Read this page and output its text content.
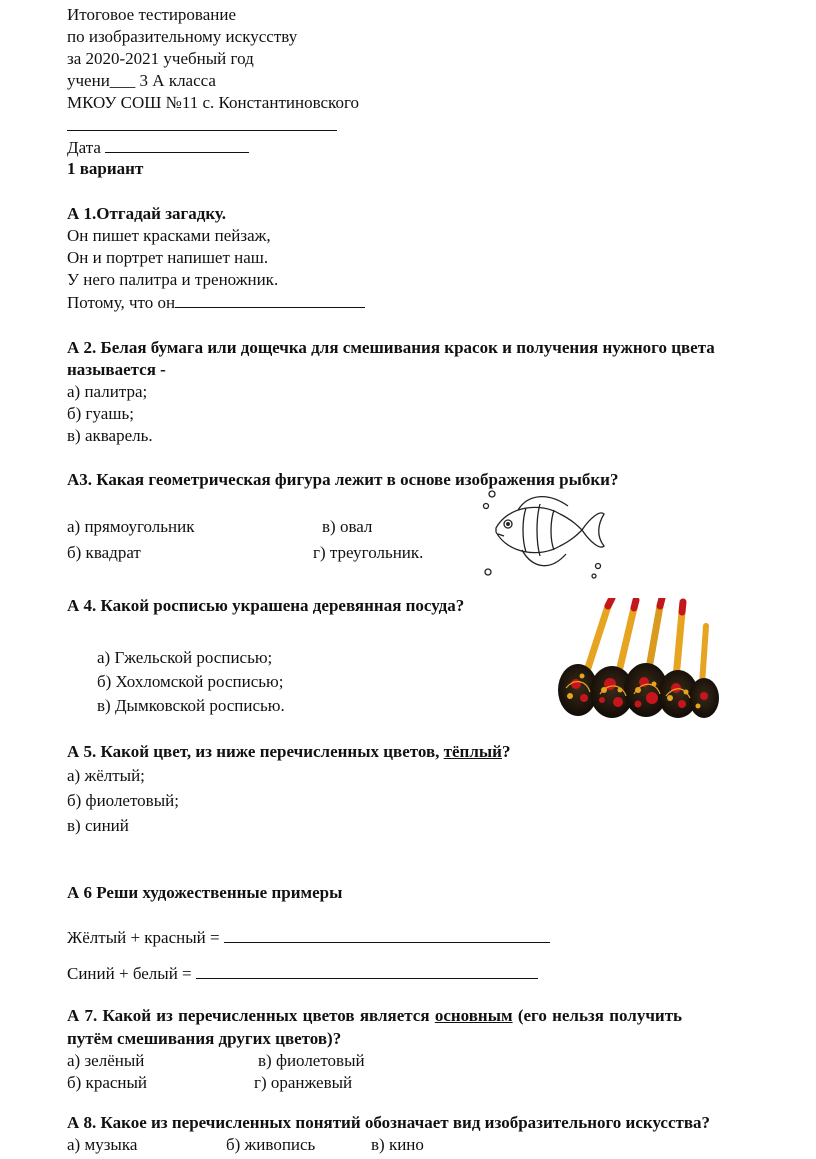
Итоговое тестирование
по изобразительному искусству
за 2020-2021 учебный год
учени___ 3 А класса
МКОУ СОШ №11 с. Константиновского
Дата
1 вариант
А 1.Отгадай загадку.
Он пишет красками пейзаж,
Он и портрет напишет наш.
У него палитра и треножник.
Потому, что он
А 2. Белая бумага или дощечка для смешивания красок и получения нужного цвета
называется -
а) палитра;
б) гуашь;
в) акварель.
А3. Какая геометрическая фигура лежит в основе изображения рыбки?
а) прямоугольник	в) овал
б) квадрат	г) треугольник.
А 4. Какой росписью украшена деревянная посуда?
а) Гжельской росписью;
б) Хохломской росписью;
в) Дымковской росписью.
А 5. Какой цвет, из ниже перечисленных цветов, тёплый?
а) жёлтый;
б) фиолетовый;
в) синий
А 6 Реши художественные примеры
Жёлтый + красный =
Синий + белый =
А 7. Какой из перечисленных цветов является основным (его нельзя получить
путём смешивания других цветов)?
а) зелёный	в) фиолетовый
б) красный	г) оранжевый
А 8. Какое из перечисленных понятий обозначает вид изобразительного искусства?
а) музыка	б) живопись	в) кино
